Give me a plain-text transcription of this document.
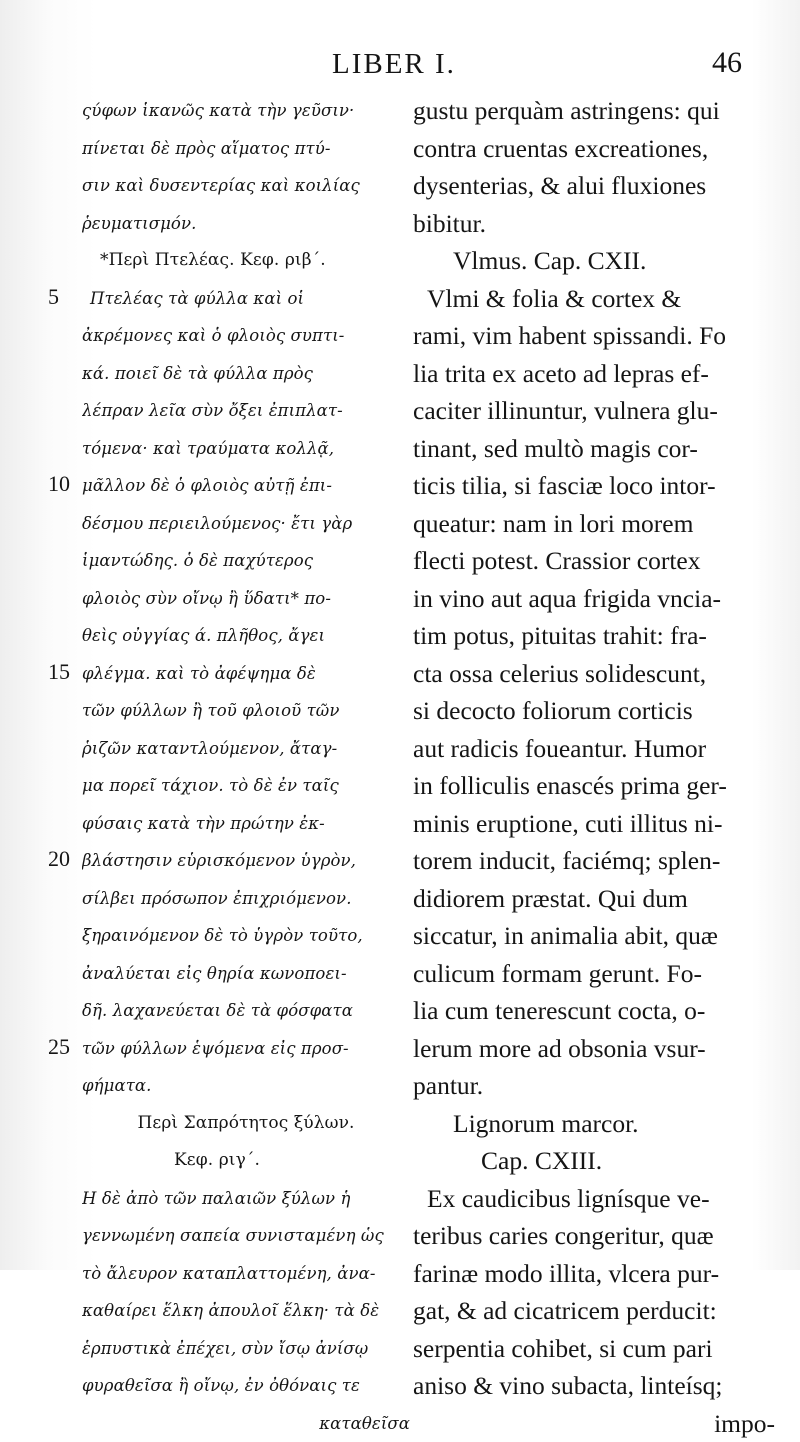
LIBER I.	46
ςύφων ἱκανῶς κατὰ τὴν γεῦσιν·
πίνεται δὲ πρὸς αἵματος πτύ-
σιν καὶ δυσεντερίας καὶ κοιλίας
ῥευματισμόν.
*Περὶ Πτελέας. Κεφ. ριβ´.
Πτελέας τὰ φύλλα καὶ οἱ
ἀκρέμονες καὶ ὁ φλοιὸς συπτι-
κά. ποιεῖ δὲ τὰ φύλλα πρὸς
λέπραν λεῖα σὺν ὄξει ἐπιπλατ-
τόμενα· καὶ τραύματα κολλᾷ,
μᾶλλον δὲ ὁ φλοιὸς αὐτῇ ἐπι-
δέσμου περιειλούμενος· ἔτι γὰρ
ἱμαντώδης. ὁ δὲ παχύτερος
φλοιὸς σὺν οἴνῳ ἢ ὕδατι* πο-
θεὶς οὐγγίας ά. πλῆθος, ἄγει
φλέγμα. καὶ τὸ ἀφέψημα δὲ
τῶν φύλλων ἢ τοῦ φλοιοῦ τῶν
ῥιζῶν καταντλούμενον, ἄταγ-
μα πορεῖ τάχιον. τὸ δὲ ἐν ταῖς
φύσαις κατὰ τὴν πρώτην ἐκ-
βλάστησιν εὑρισκόμενον ὑγρὸν,
σίλβει πρόσωπον ἐπιχριόμενον.
ξηραινόμενον δὲ τὸ ὑγρὸν τοῦτο,
ἀναλύεται εἰς θηρία κωνοποει-
δῆ. λαχανεύεται δὲ τὰ φόσφατα
τῶν φύλλων ἑψόμενα εἰς προσ-
φήματα.
Περὶ Σαπρότητος ξύλων.
Κεφ. ριγ´.
Η δὲ ἀπὸ τῶν παλαιῶν ξύλων ἡ
γεννωμένη σαπεία συνισταμένη ὡς
τὸ ἄλευρον καταπλαττομένη, ἀνα-
καθαίρει ἕλκη ἀπουλοῖ ἕλκη· τὰ δὲ
ἑρπυστικὰ ἐπέχει, σὺν ἴσῳ ἀνίσῳ
φυραθεῖσα ἢ οἴνῳ, ἐν ὀθόναις τε
καταθεῖσα
gustu perquàm astringens: qui
contra cruentas excreationes,
dysenterias, & alui fluxiones
bibitur.
Vlmus. Cap. CXII.
Vlmi & folia & cortex &
rami, vim habent spissandi. Fo
lia trita ex aceto ad lepras ef-
caciter illinuntur, vulnera glu-
tinant, sed multò magis cor-
ticis tilia, si fasciæ loco intor-
queatur: nam in lori morem
flecti potest. Crassior cortex
in vino aut aqua frigida vncia-
tim potus, pituitas trahit: fra-
cta ossa celerius solidescunt,
si decocto foliorum corticis
aut radicis foueantur. Humor
in folliculis enascés prima ger-
minis eruptione, cuti illitus ni-
torem inducit, faciémq; splen-
didiorem præstat. Qui dum
siccatur, in animalia abit, quæ
culicum formam gerunt. Fo-
lia cum tenerescunt cocta, o-
lerum more ad obsonia vsur-
pantur.
Lignorum marcor.
Cap. CXIII.
Ex caudicibus lignísque ve-
teribus caries congeritur, quæ
farinæ modo illita, vlcera pur-
gat, & ad cicatricem perducit:
serpentia cohibet, si cum pari
aniso & vino subacta, linteísq;
impo-
5
10
15
20
25
